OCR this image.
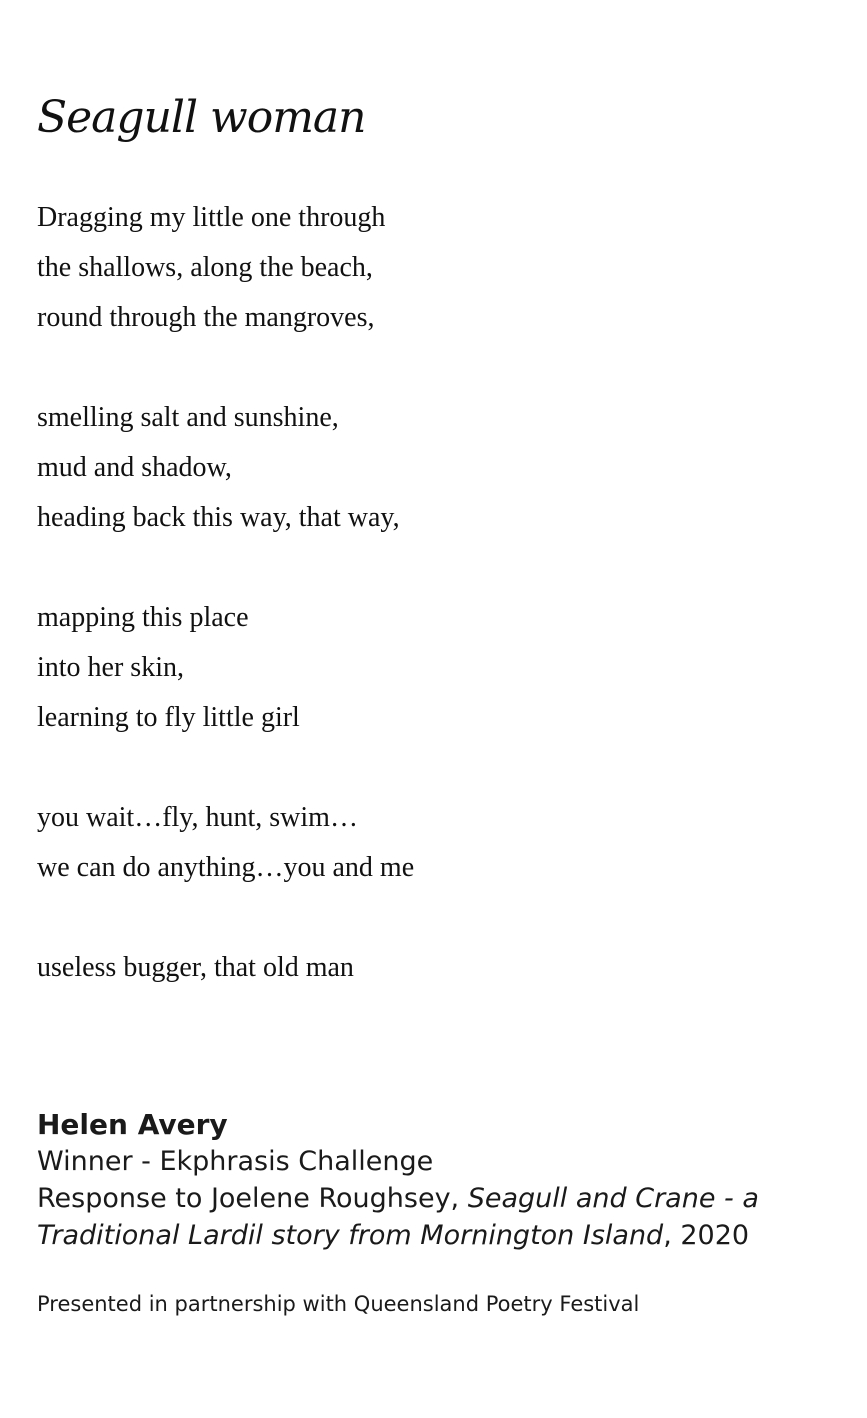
Seagull woman
Dragging my little one through
the shallows, along the beach,
round through the mangroves,
smelling salt and sunshine,
mud and shadow,
heading back this way, that way,
mapping this place
into her skin,
learning to fly little girl
you wait…fly, hunt, swim…
we can do anything…you and me
useless bugger, that old man
Helen Avery
Winner - Ekphrasis Challenge
Response to Joelene Roughsey, Seagull and Crane - a
Traditional Lardil story from Mornington Island, 2020
Presented in partnership with Queensland Poetry Festival
